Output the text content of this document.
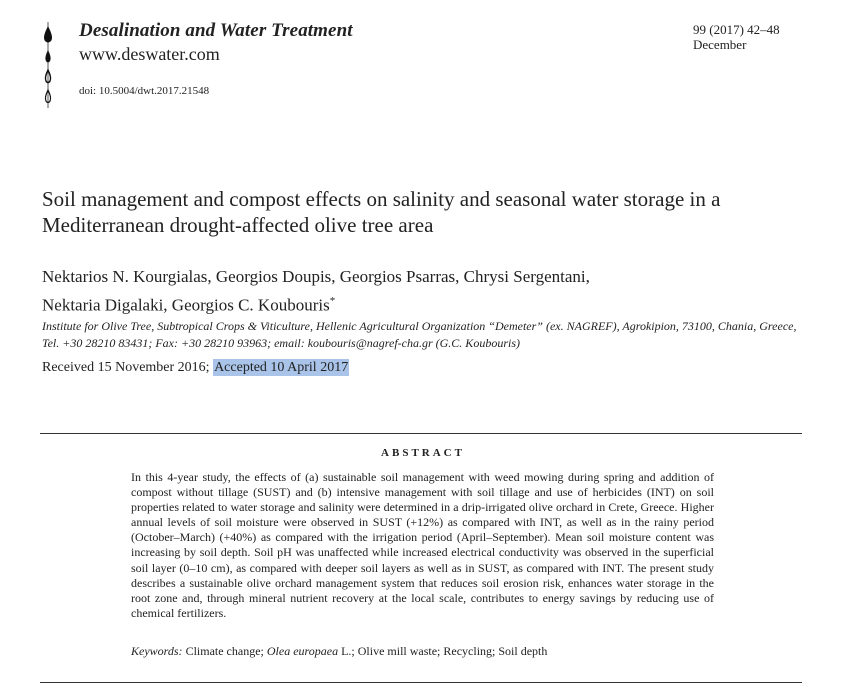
Desalination and Water Treatment
www.deswater.com
doi: 10.5004/dwt.2017.21548
99 (2017) 42–48
December
Soil management and compost effects on salinity and seasonal water storage in a Mediterranean drought-affected olive tree area
Nektarios N. Kourgialas, Georgios Doupis, Georgios Psarras, Chrysi Sergentani,
Nektaria Digalaki, Georgios C. Koubouris*
Institute for Olive Tree, Subtropical Crops & Viticulture, Hellenic Agricultural Organization “Demeter” (ex. NAGREF), Agrokipion, 73100, Chania, Greece, Tel. +30 28210 83431; Fax: +30 28210 93963; email: koubouris@nagref-cha.gr (G.C. Koubouris)
Received 15 November 2016; Accepted 10 April 2017
ABSTRACT
In this 4-year study, the effects of (a) sustainable soil management with weed mowing during spring and addition of compost without tillage (SUST) and (b) intensive management with soil tillage and use of herbicides (INT) on soil properties related to water storage and salinity were determined in a drip-irrigated olive orchard in Crete, Greece. Higher annual levels of soil moisture were observed in SUST (+12%) as compared with INT, as well as in the rainy period (October–March) (+40%) as compared with the irrigation period (April–September). Mean soil moisture content was increasing by soil depth. Soil pH was unaffected while increased electrical conductivity was observed in the superficial soil layer (0–10 cm), as compared with deeper soil layers as well as in SUST, as compared with INT. The present study describes a sustainable olive orchard management system that reduces soil erosion risk, enhances water storage in the root zone and, through mineral nutrient recovery at the local scale, contributes to energy savings by reducing use of chemical fertilizers.
Keywords: Climate change; Olea europaea L.; Olive mill waste; Recycling; Soil depth
